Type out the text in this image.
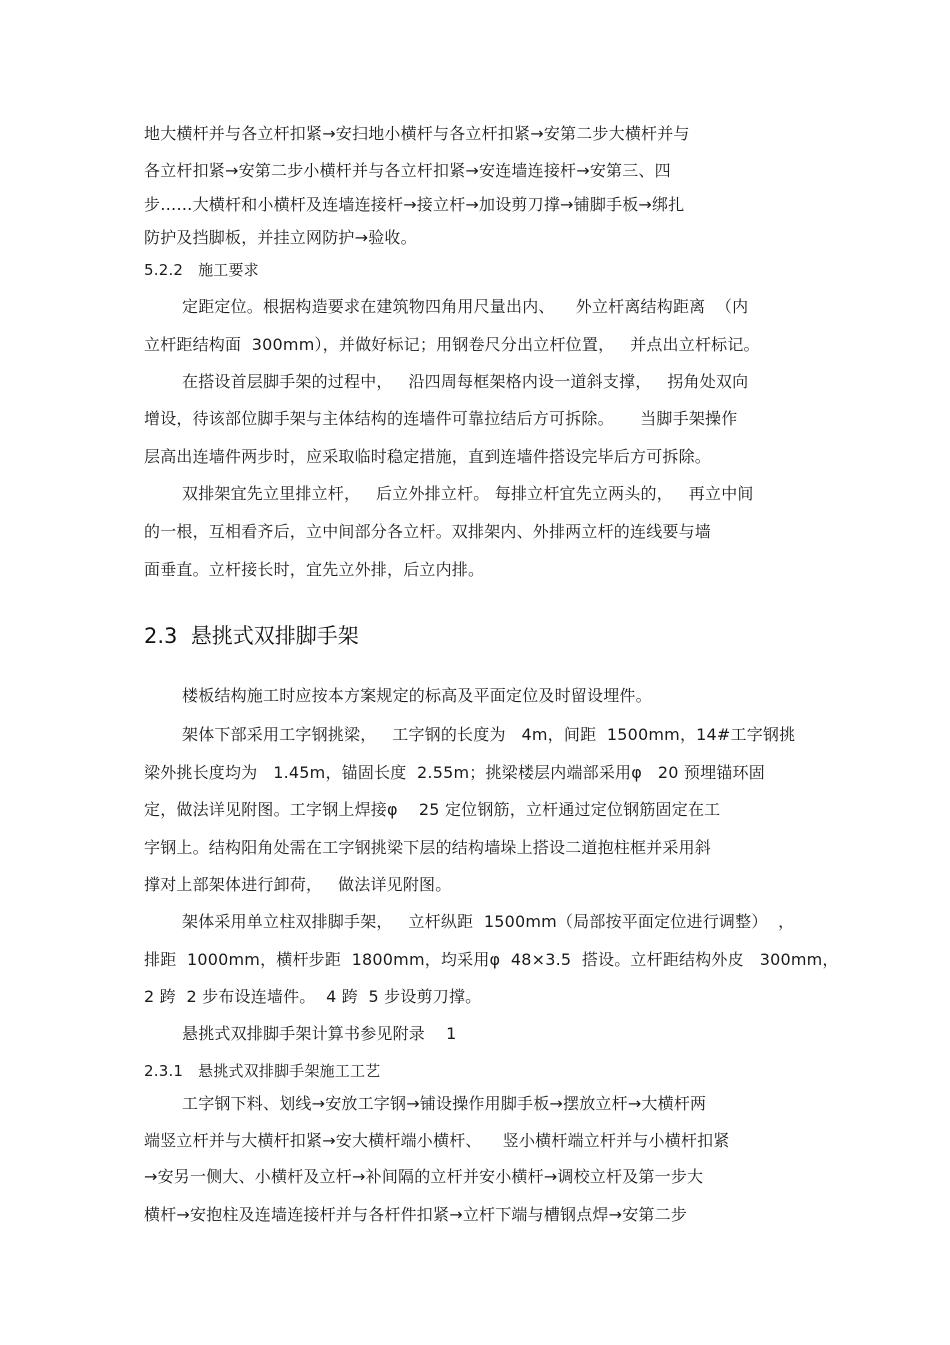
地大横杆并与各立杆扣紧→安扫地小横杆与各立杆扣紧→安第二步大横杆并与
各立杆扣紧→安第二步小横杆并与各立杆扣紧→安连墙连接杆→安第三、四
步……大横杆和小横杆及连墙连接杆→接立杆→加设剪刀撑→铺脚手板→绑扎
防护及挡脚板，并挂立网防护→验收。
5.2.2   施工要求
定距定位。根据构造要求在建筑物四角用尺量出内、    外立杆离结构距离  （内
立杆距结构面  300mm），并做好标记；用钢卷尺分出立杆位置，   并点出立杆标记。
在搭设首层脚手架的过程中，   沿四周每框架格内设一道斜支撑，   拐角处双向
增设，待该部位脚手架与主体结构的连墙件可靠拉结后方可拆除。     当脚手架操作
层高出连墙件两步时，应采取临时稳定措施，直到连墙件搭设完毕后方可拆除。
双排架宜先立里排立杆，   后立外排立杆。 每排立杆宜先立两头的，   再立中间
的一根，互相看齐后，立中间部分各立杆。双排架内、外排两立杆的连线要与墙
面垂直。立杆接长时，宜先立外排，后立内排。
2.3  悬挑式双排脚手架
楼板结构施工时应按本方案规定的标高及平面定位及时留设埋件。
架体下部采用工字钢挑梁，   工字钢的长度为   4m，间距  1500mm，14#工字钢挑
梁外挑长度均为   1.45m，锚固长度  2.55m；挑梁楼层内端部采用φ   20 预埋锚环固
定，做法详见附图。工字钢上焊接φ    25 定位钢筋，立杆通过定位钢筋固定在工
字钢上。结构阳角处需在工字钢挑梁下层的结构墙垛上搭设二道抱柱框并采用斜
撑对上部架体进行卸荷，   做法详见附图。
架体采用单立柱双排脚手架，   立杆纵距  1500mm（局部按平面定位进行调整）  ，
排距  1000mm，横杆步距  1800mm，均采用φ  48×3.5  搭设。立杆距结构外皮   300mm，
2 跨  2 步布设连墙件。  4 跨  5 步设剪刀撑。
悬挑式双排脚手架计算书参见附录    1
2.3.1   悬挑式双排脚手架施工工艺
工字钢下料、划线→安放工字钢→铺设操作用脚手板→摆放立杆→大横杆两
端竖立杆并与大横杆扣紧→安大横杆端小横杆、    竖小横杆端立杆并与小横杆扣紧
→安另一侧大、小横杆及立杆→补间隔的立杆并安小横杆→调校立杆及第一步大
横杆→安抱柱及连墙连接杆并与各杆件扣紧→立杆下端与槽钢点焊→安第二步
